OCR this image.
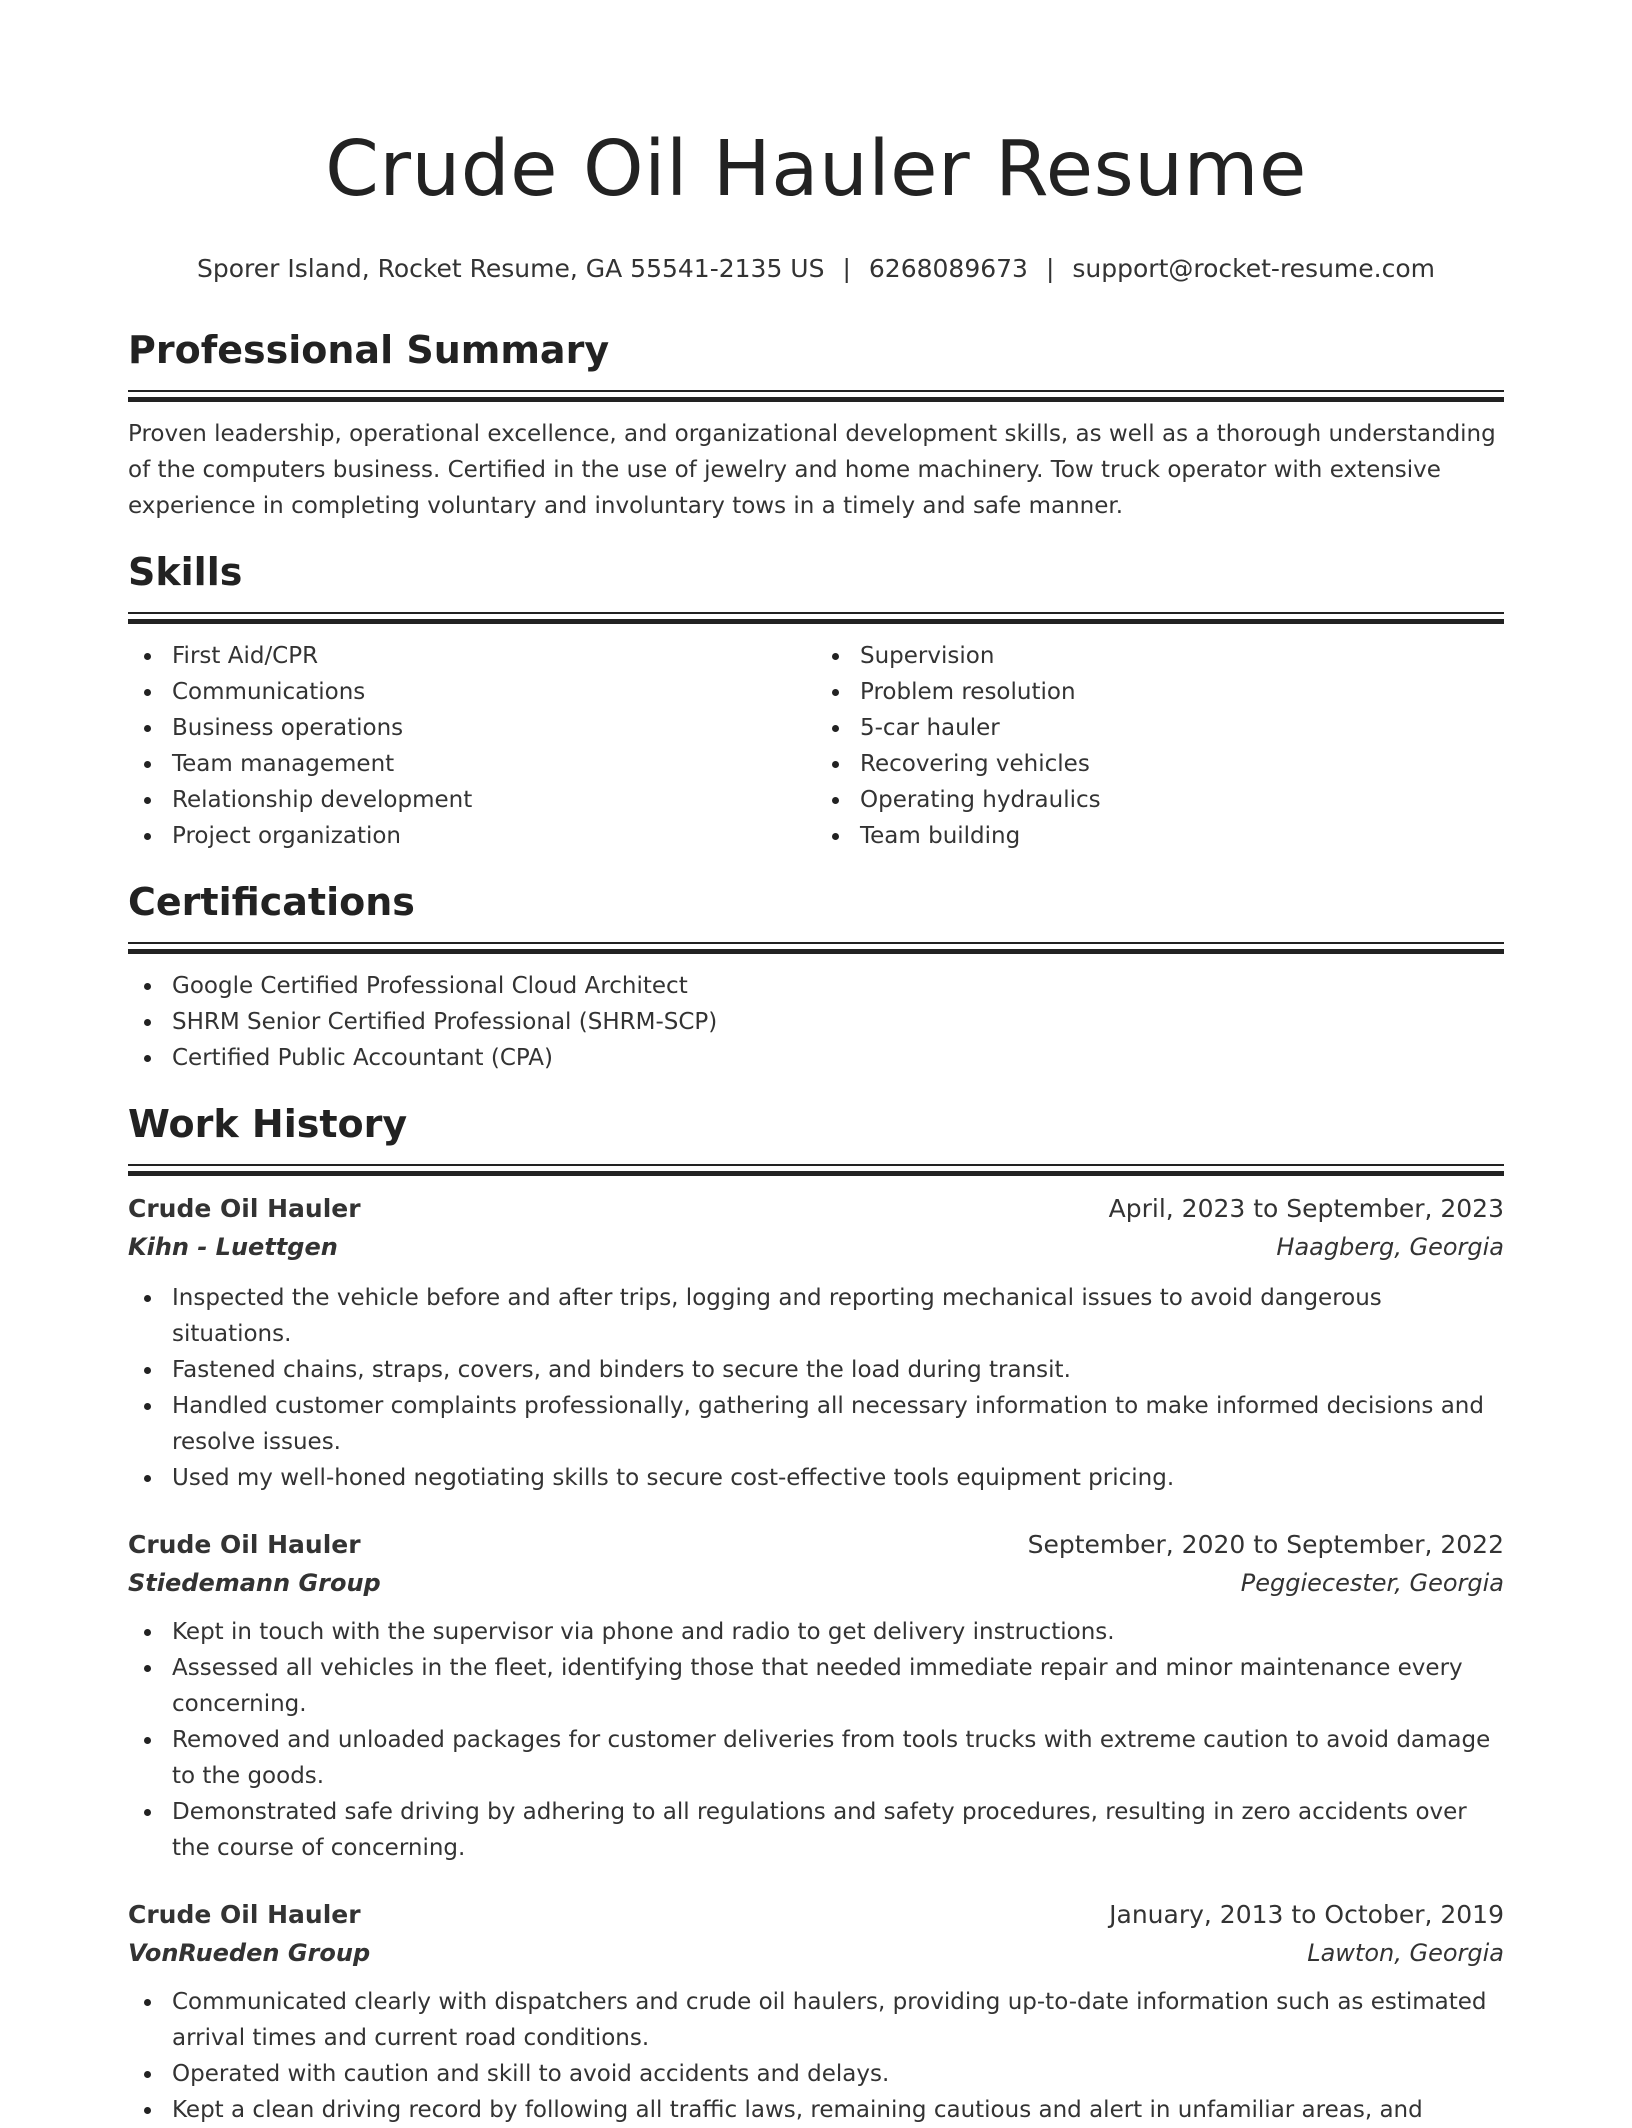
Crude Oil Hauler Resume
Sporer Island, Rocket Resume, GA 55541-2135 US | 6268089673 | support@rocket-resume.com
Professional Summary

Proven leadership, operational excellence, and organizational development skills, as well as a thorough understanding of the computers business. Certified in the use of jewelry and home machinery. Tow truck operator with extensive experience in completing voluntary and involuntary tows in a timely and safe manner.

Skills
First Aid/CPR
Communications
Business operations
Team management
Relationship development
Project organization
Supervision
Problem resolution
5-car hauler
Recovering vehicles
Operating hydraulics
Team building
Certifications
Google Certified Professional Cloud Architect
SHRM Senior Certified Professional (SHRM-SCP)
Certified Public Accountant (CPA)
Work History
Crude Oil Hauler	April, 2023 to September, 2023
Kihn - Luettgen	Haagberg, Georgia
Inspected the vehicle before and after trips, logging and reporting mechanical issues to avoid dangerous situations.
Fastened chains, straps, covers, and binders to secure the load during transit.
Handled customer complaints professionally, gathering all necessary information to make informed decisions and resolve issues.
Used my well-honed negotiating skills to secure cost-effective tools equipment pricing.
Crude Oil Hauler	September, 2020 to September, 2022
Stiedemann Group	Peggiecester, Georgia
Kept in touch with the supervisor via phone and radio to get delivery instructions.
Assessed all vehicles in the fleet, identifying those that needed immediate repair and minor maintenance every concerning.
Removed and unloaded packages for customer deliveries from tools trucks with extreme caution to avoid damage to the goods.
Demonstrated safe driving by adhering to all regulations and safety procedures, resulting in zero accidents over the course of concerning.
Crude Oil Hauler	January, 2013 to October, 2019
VonRueden Group	Lawton, Georgia
Communicated clearly with dispatchers and crude oil haulers, providing up-to-date information such as estimated arrival times and current road conditions.
Operated with caution and skill to avoid accidents and delays.
Kept a clean driving record by following all traffic laws, remaining cautious and alert in unfamiliar areas, and
